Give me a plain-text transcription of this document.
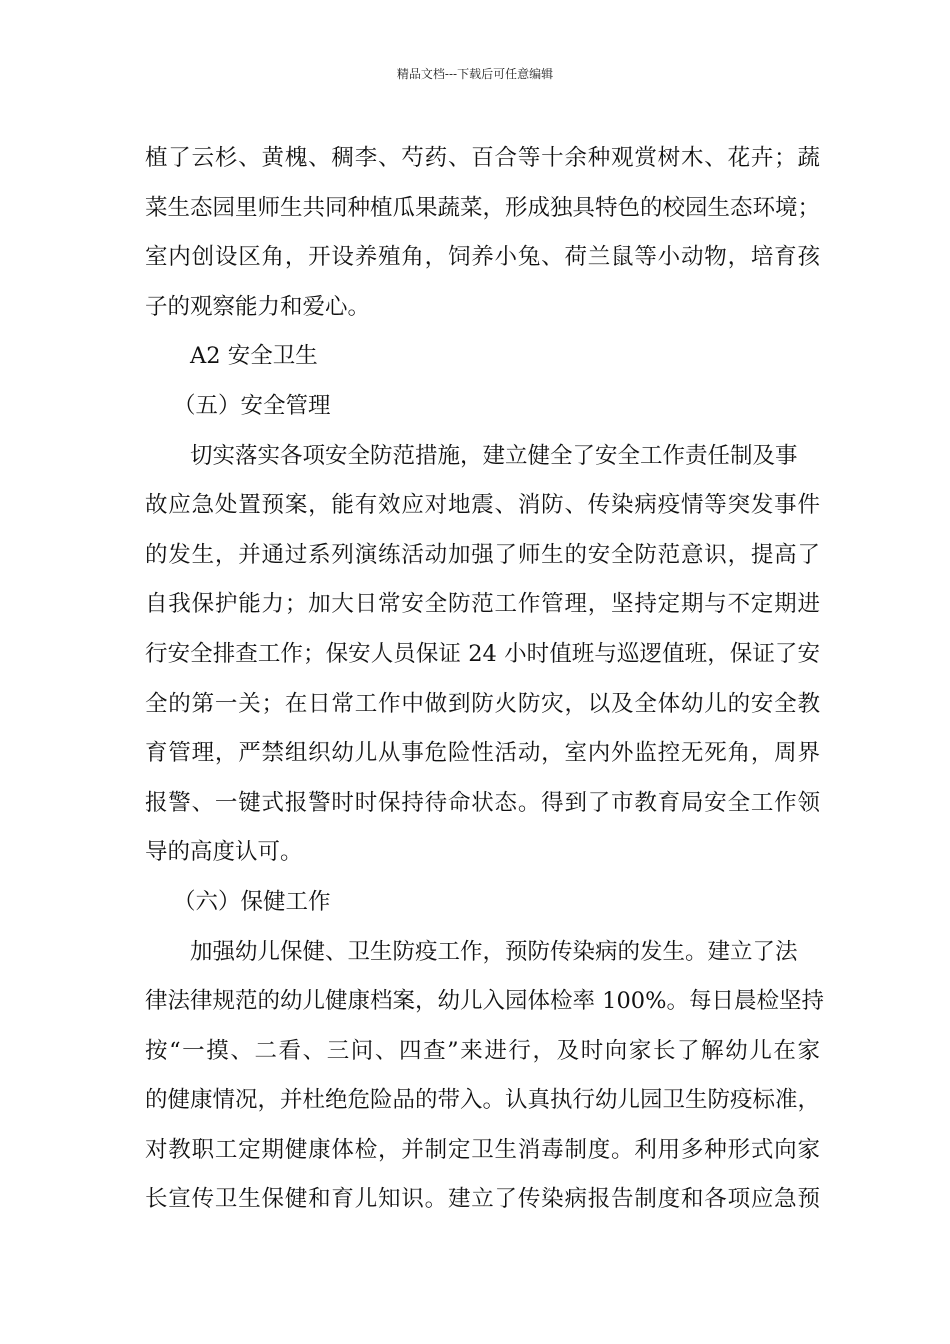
精品文档---下载后可任意编辑
植了云杉、黄槐、稠李、芍药、百合等十余种观赏树木、花卉；蔬
菜生态园里师生共同种植瓜果蔬菜，形成独具特色的校园生态环境；
室内创设区角，开设养殖角，饲养小兔、荷兰鼠等小动物，培育孩
子的观察能力和爱心。
A2 安全卫生
（五）安全管理
切实落实各项安全防范措施，建立健全了安全工作责任制及事
故应急处置预案，能有效应对地震、消防、传染病疫情等突发事件
的发生，并通过系列演练活动加强了师生的安全防范意识，提高了
自我保护能力；加大日常安全防范工作管理，坚持定期与不定期进
行安全排查工作；保安人员保证 24 小时值班与巡逻值班，保证了安
全的第一关；在日常工作中做到防火防灾，以及全体幼儿的安全教
育管理，严禁组织幼儿从事危险性活动，室内外监控无死角，周界
报警、一键式报警时时保持待命状态。得到了市教育局安全工作领
导的高度认可。
（六）保健工作
加强幼儿保健、卫生防疫工作，预防传染病的发生。建立了法
律法律规范的幼儿健康档案，幼儿入园体检率 100%。每日晨检坚持
按“一摸、二看、三问、四查”来进行，及时向家长了解幼儿在家
的健康情况，并杜绝危险品的带入。认真执行幼儿园卫生防疫标准，
对教职工定期健康体检，并制定卫生消毒制度。利用多种形式向家
长宣传卫生保健和育儿知识。建立了传染病报告制度和各项应急预
